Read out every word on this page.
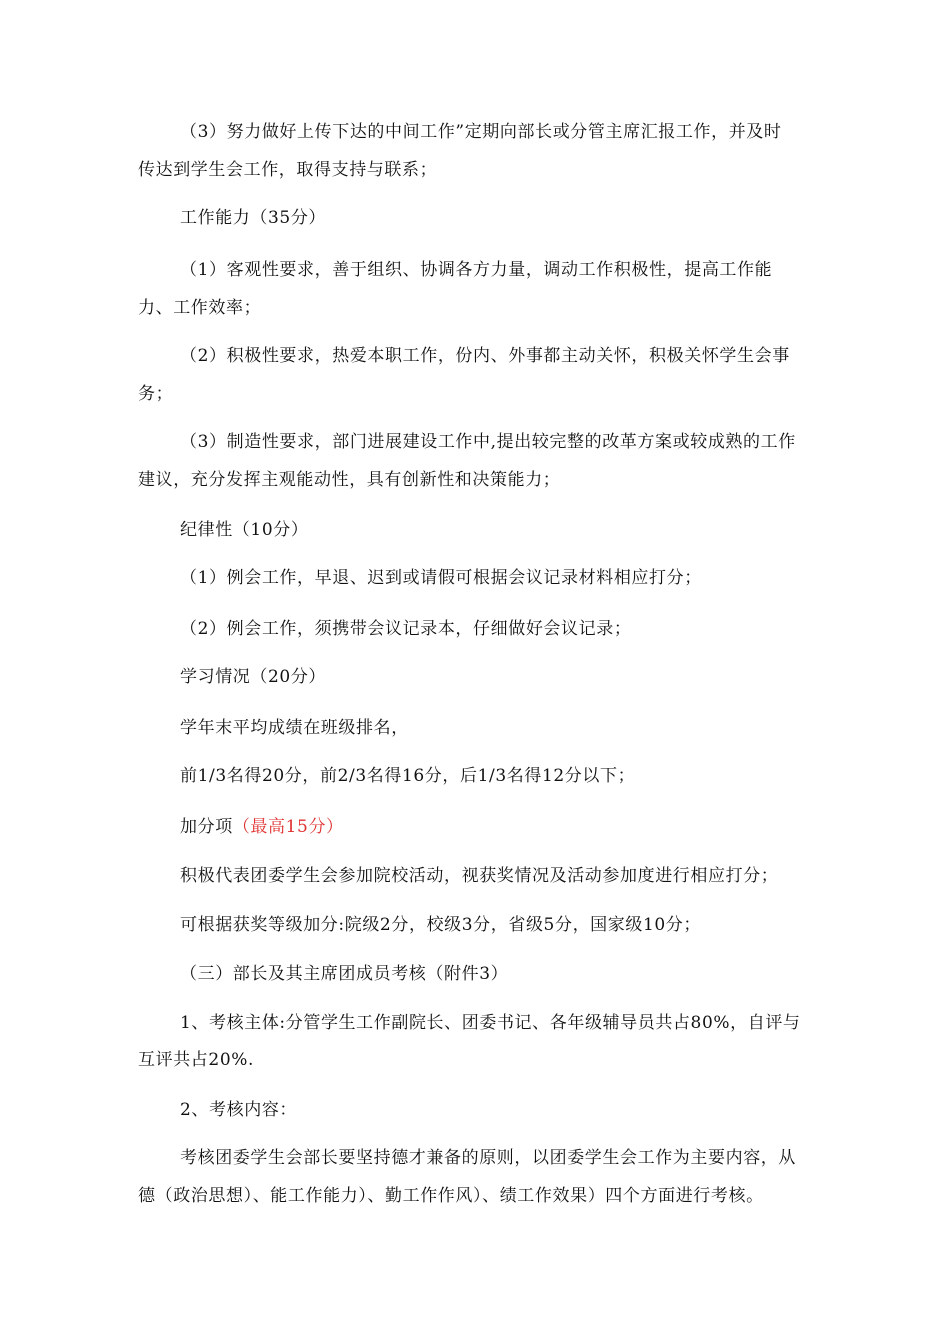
（3）努力做好上传下达的中间工作”定期向部长或分管主席汇报工作，并及时
传达到学生会工作，取得支持与联系；
工作能力（35分）
（1）客观性要求，善于组织、协调各方力量，调动工作积极性，提高工作能
力、工作效率；
（2）积极性要求，热爱本职工作，份内、外事都主动关怀，积极关怀学生会事
务；
（3）制造性要求，部门进展建设工作中,提出较完整的改革方案或较成熟的工作
建议，充分发挥主观能动性，具有创新性和决策能力；
纪律性（10分）
（1）例会工作，早退、迟到或请假可根据会议记录材料相应打分；
（2）例会工作，须携带会议记录本，仔细做好会议记录；
学习情况（20分）
学年末平均成绩在班级排名，
前1/3名得20分，前2/3名得16分，后1/3名得12分以下；
加分项（最高15分）
积极代表团委学生会参加院校活动，视获奖情况及活动参加度进行相应打分；
可根据获奖等级加分:院级2分，校级3分，省级5分，国家级10分；
（三）部长及其主席团成员考核（附件3）
1、考核主体:分管学生工作副院长、团委书记、各年级辅导员共占80%，自评与
互评共占20%.
2、考核内容：
考核团委学生会部长要坚持德才兼备的原则，以团委学生会工作为主要内容，从
德（政治思想）、能工作能力）、勤工作作风）、绩工作效果）四个方面进行考核。
